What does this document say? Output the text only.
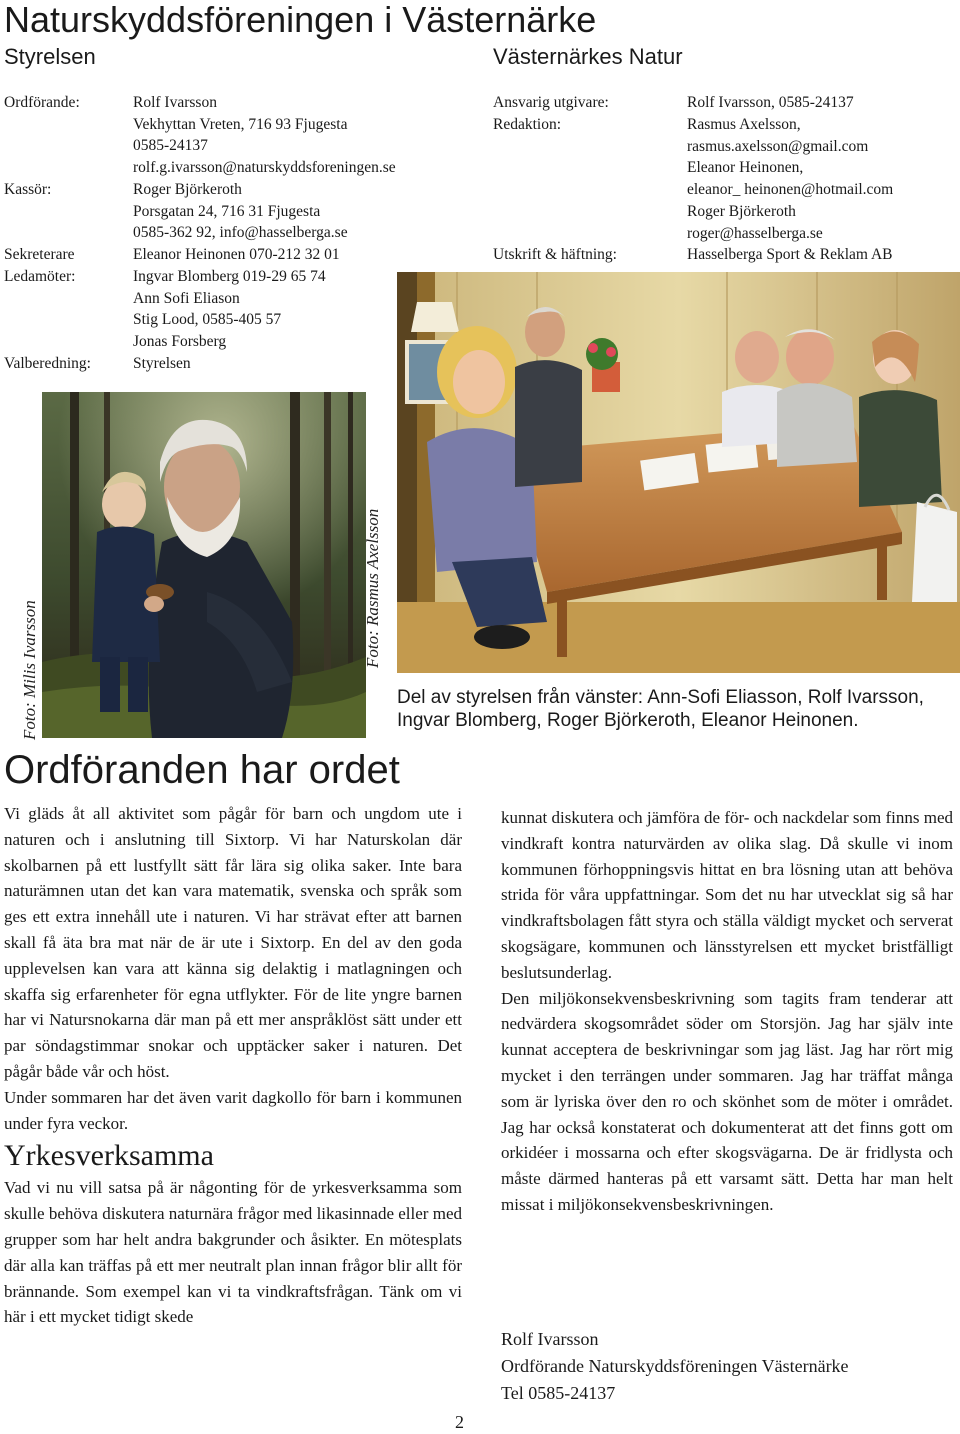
Naturskyddsföreningen i Västernärke
Styrelsen	Västernärkes Natur
Ordförande:	Rolf Ivarsson
Vekhyttan Vreten, 716 93 Fjugesta
0585-24137
rolf.g.ivarsson@naturskyddsforeningen.se
Kassör:	Roger Björkeroth
Porsgatan 24, 716 31 Fjugesta
0585-362 92, info@hasselberga.se
Sekreterare	Eleanor Heinonen 070-212 32 01
Ledamöter:	Ingvar Blomberg 019-29 65 74
Ann Sofi Eliason
Stig Lood, 0585-405 57
Jonas Forsberg
Valberedning:	Styrelsen
Ansvarig utgivare:	Rolf Ivarsson, 0585-24137
Redaktion:	Rasmus Axelsson,
rasmus.axelsson@gmail.com
Eleanor Heinonen,
eleanor_ heinonen@hotmail.com
Roger Björkeroth
roger@hasselberga.se
Utskrift & häftning:	Hasselberga Sport & Reklam AB
Foto: Milis Ivarsson
Foto: Rasmus Axelsson
Del av styrelsen från vänster: Ann-Sofi Eliasson, Rolf Ivarsson,
Ingvar Blomberg, Roger Björkeroth, Eleanor Heinonen.
Ordföranden har ordet

Vi gläds åt all aktivitet som pågår för barn och ungdom ute i naturen och i anslutning till Sixtorp. Vi har Naturskolan där skolbarnen på ett lustfyllt sätt får lära sig olika saker. Inte bara naturämnen utan det kan vara matematik, svenska och språk som ges ett extra innehåll ute i naturen. Vi har strävat efter att barnen skall få äta bra mat när de är ute i Sixtorp. En del av den goda upplevelsen kan vara att känna sig delaktig i matlagningen och skaffa sig erfarenheter för egna utflykter. För de lite yngre barnen har vi Natursnokarna där man på ett mer anspråklöst sätt under ett par söndagstimmar snokar och upptäcker saker i naturen. Det pågår både vår och höst.

Under sommaren har det även varit dagkollo för barn i kommunen under fyra veckor.

Yrkesverksamma

Vad vi nu vill satsa på är någonting för de yrkesverksamma som skulle behöva diskutera naturnära frågor med likasinnade eller med grupper som har helt andra bakgrunder och åsikter. En mötesplats där alla kan träffas på ett mer neutralt plan innan frågor blir allt för brännande. Som exempel kan vi ta vindkraftsfrågan. Tänk om vi här i ett mycket tidigt skede

kunnat diskutera och jämföra de för- och nackdelar som finns med vindkraft kontra naturvärden av olika slag. Då skulle vi inom kommunen förhoppningsvis hittat en bra lösning utan att behöva strida för våra uppfattningar. Som det nu har utvecklat sig så har vindkraftsbolagen fått styra och ställa väldigt mycket och serverat skogsägare, kommunen och länsstyrelsen ett mycket bristfälligt beslutsunderlag.

Den miljökonsekvensbeskrivning som tagits fram tenderar att nedvärdera skogsområdet söder om Storsjön. Jag har själv inte kunnat acceptera de beskrivningar som jag läst. Jag har rört mig mycket i den terrängen under sommaren. Jag har träffat många som är lyriska över den ro och skönhet som de möter i området. Jag har också konstaterat och dokumenterat att det finns gott om orkidéer i mossarna och efter skogsvägarna. De är fridlysta och måste därmed hanteras på ett varsamt sätt. Detta har man helt missat i miljökonsekvensbeskrivningen.

Rolf Ivarsson
Ordförande Naturskyddsföreningen Västernärke
Tel 0585-24137
2
